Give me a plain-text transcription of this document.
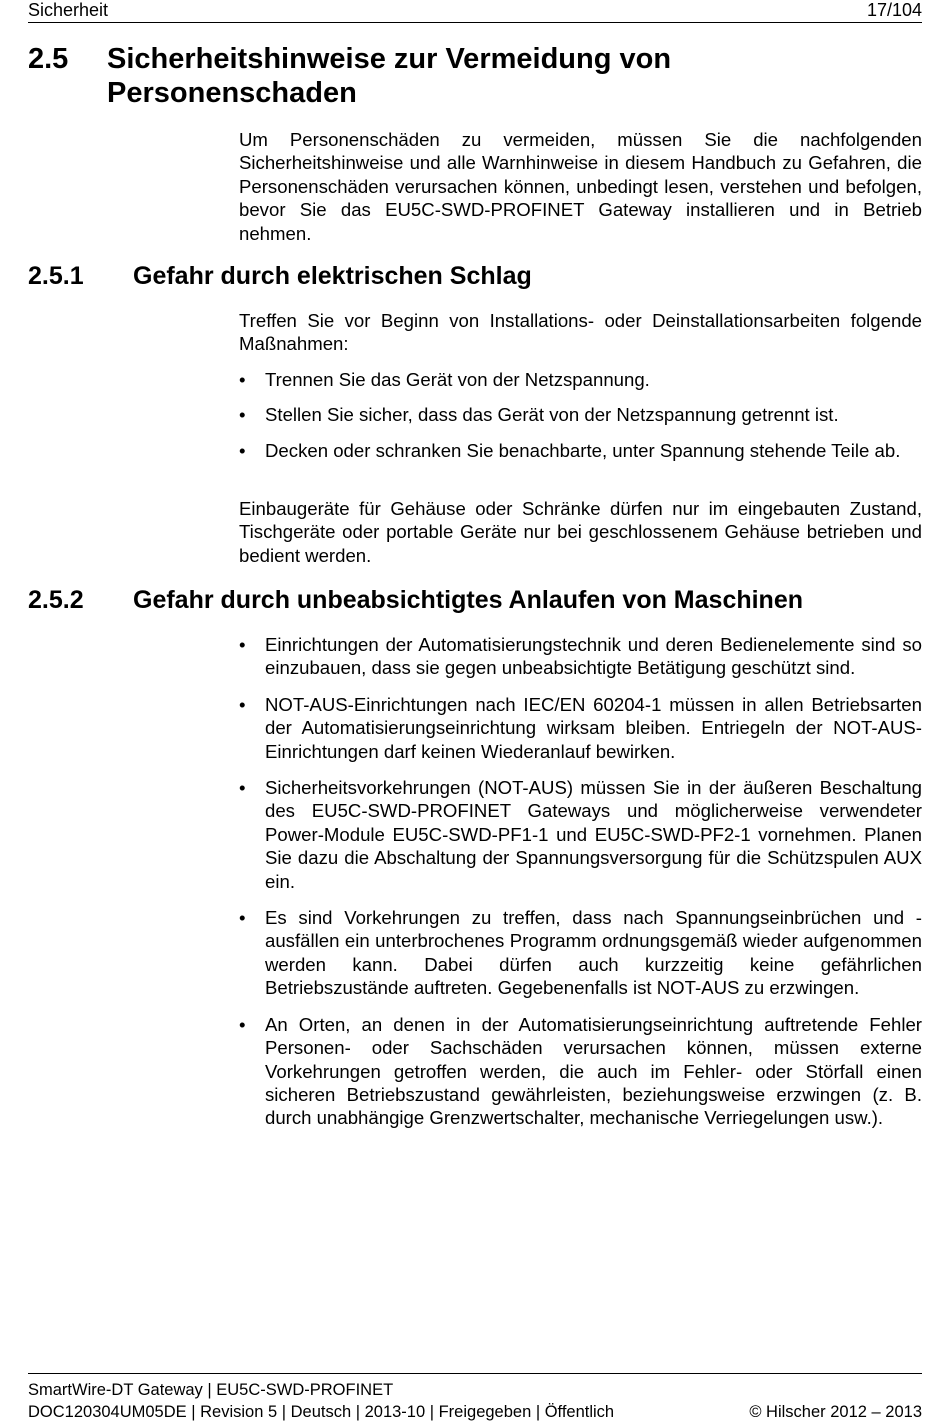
Sicherheit	17/104
2.5 Sicherheitshinweise zur Vermeidung von Personenschaden
Um Personenschäden zu vermeiden, müssen Sie die nachfolgenden Sicherheitshinweise und alle Warnhinweise in diesem Handbuch zu Gefahren, die Personenschäden verursachen können, unbedingt lesen, verstehen und befolgen, bevor Sie das EU5C-SWD-PROFINET Gateway installieren und in Betrieb nehmen.
2.5.1 Gefahr durch elektrischen Schlag
Treffen Sie vor Beginn von Installations- oder Deinstallationsarbeiten folgende Maßnahmen:
•	Trennen Sie das Gerät von der Netzspannung.
•	Stellen Sie sicher, dass das Gerät von der Netzspannung getrennt ist.
•	Decken oder schranken Sie benachbarte, unter Spannung stehende Teile ab.
Einbaugeräte für Gehäuse oder Schränke dürfen nur im eingebauten Zustand, Tischgeräte oder portable Geräte nur bei geschlossenem Gehäuse betrieben und bedient werden.
2.5.2 Gefahr durch unbeabsichtigtes Anlaufen von Maschinen
•	Einrichtungen der Automatisierungstechnik und deren Bedienelemente sind so einzubauen, dass sie gegen unbeabsichtigte Betätigung geschützt sind.
•	NOT-AUS-Einrichtungen nach IEC/EN 60204-1 müssen in allen Betriebsarten der Automatisierungseinrichtung wirksam bleiben. Entriegeln der NOT-AUS-Einrichtungen darf keinen Wiederanlauf bewirken.
•	Sicherheitsvorkehrungen (NOT-AUS) müssen Sie in der äußeren Beschaltung des EU5C-SWD-PROFINET Gateways und möglicherweise verwendeter Power-Module EU5C-SWD-PF1-1 und EU5C-SWD-PF2-1 vornehmen. Planen Sie dazu die Abschaltung der Spannungsversorgung für die Schützspulen AUX ein.
•	Es sind Vorkehrungen zu treffen, dass nach Spannungseinbrüchen und -ausfällen ein unterbrochenes Programm ordnungsgemäß wieder aufgenommen werden kann. Dabei dürfen auch kurzzeitig keine gefährlichen Betriebszustände auftreten. Gegebenenfalls ist NOT-AUS zu erzwingen.
•	An Orten, an denen in der Automatisierungseinrichtung auftretende Fehler Personen- oder Sachschäden verursachen können, müssen externe Vorkehrungen getroffen werden, die auch im Fehler- oder Störfall einen sicheren Betriebszustand gewährleisten, beziehungsweise erzwingen (z. B. durch unabhängige Grenzwertschalter, mechanische Verriegelungen usw.).
SmartWire-DT Gateway | EU5C-SWD-PROFINET
DOC120304UM05DE | Revision 5 | Deutsch | 2013-10 | Freigegeben | Öffentlich	© Hilscher 2012 – 2013
